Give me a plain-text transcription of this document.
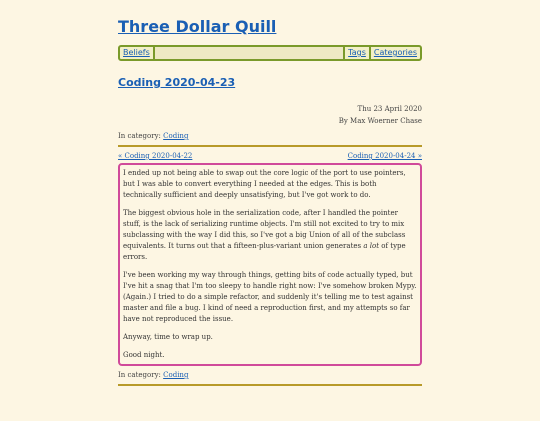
Three Dollar Quill
Beliefs	Tags	Categories
Coding 2020-04-23
Thu 23 April 2020
By Max Woerner Chase
In category: Coding
« Coding 2020-04-22	Coding 2020-04-24 »

I ended up not being able to swap out the core logic of the port to use pointers, but I was able to convert everything I needed at the edges. This is both technically sufficient and deeply unsatisfying, but I've got work to do.

The biggest obvious hole in the serialization code, after I handled the pointer stuff, is the lack of serializing runtime objects. I'm still not excited to try to mix subclassing with the way I did this, so I've got a big Union of all of the subclass equivalents. It turns out that a fifteen-plus-variant union generates a lot of type errors.

I've been working my way through things, getting bits of code actually typed, but I've hit a snag that I'm too sleepy to handle right now: I've somehow broken Mypy. (Again.) I tried to do a simple refactor, and suddenly it's telling me to test against master and file a bug. I kind of need a reproduction first, and my attempts so far have not reproduced the issue.

Anyway, time to wrap up.

Good night.

In category: Coding
